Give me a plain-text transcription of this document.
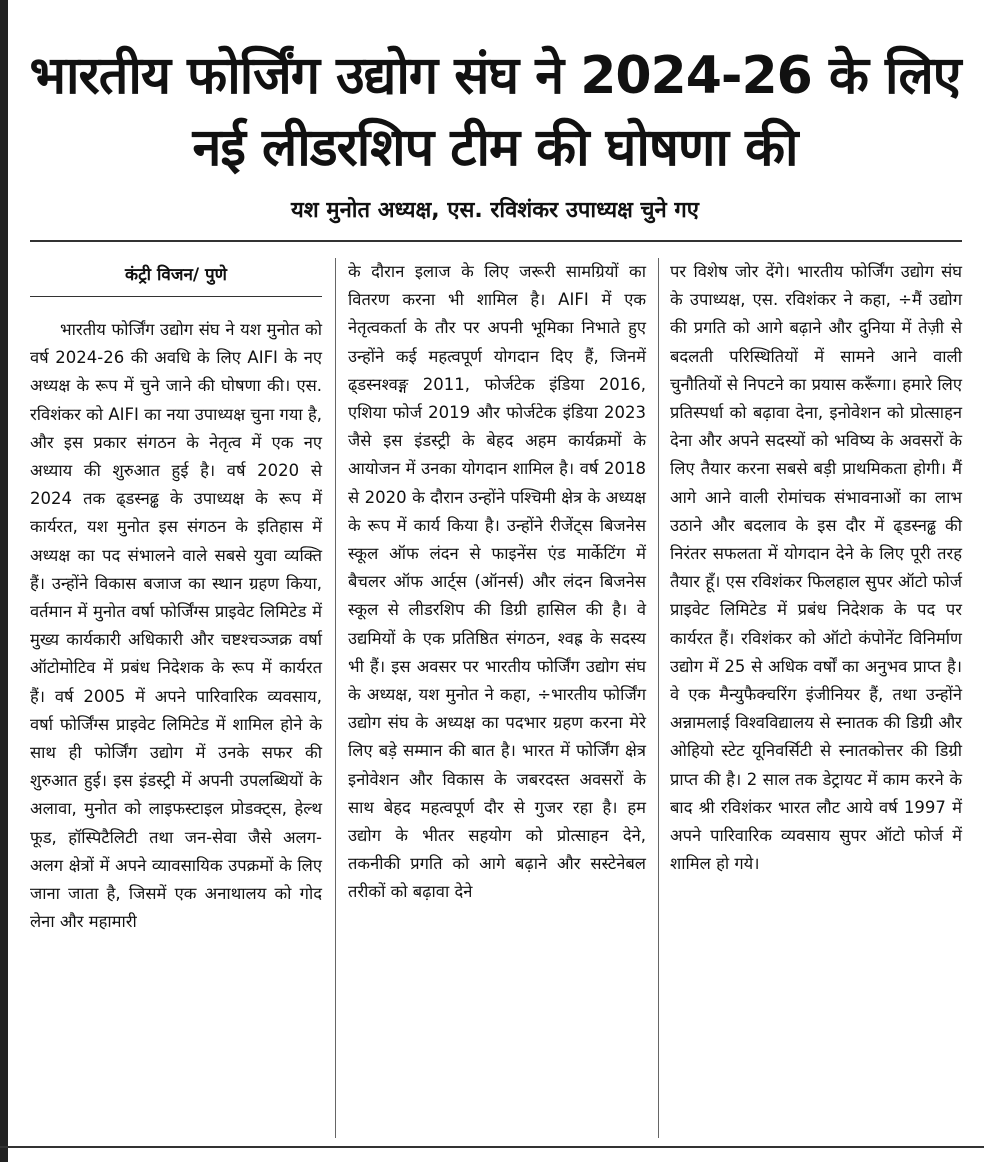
भारतीय फोर्जिंग उद्योग संघ ने 2024-26 के लिए नई लीडरशिप टीम की घोषणा की
यश मुनोत अध्यक्ष, एस. रविशंकर उपाध्यक्ष चुने गए
कंट्री विजन/ पुणे

भारतीय फोर्जिंग उद्योग संघ ने यश मुनोत को वर्ष 2024-26 की अवधि के लिए AIFI के नए अध्यक्ष के रूप में चुने जाने की घोषणा की। एस. रविशंकर को AIFI का नया उपाध्यक्ष चुना गया है, और इस प्रकार संगठन के नेतृत्व में एक नए अध्याय की शुरुआत हुई है। वर्ष 2020 से 2024 तक ढ्डस्नढ्ढ के उपाध्यक्ष के रूप में कार्यरत, यश मुनोत इस संगठन के इतिहास में अध्यक्ष का पद संभालने वाले सबसे युवा व्यक्ति हैं। उन्होंने विकास बजाज का स्थान ग्रहण किया, वर्तमान में मुनोत वर्षा फोर्जिंग्स प्राइवेट लिमिटेड में मुख्य कार्यकारी अधिकारी और चष्टश्चञ्जक्र वर्षा ऑटोमोटिव में प्रबंध निदेशक के रूप में कार्यरत हैं। वर्ष 2005 में अपने पारिवारिक व्यवसाय, वर्षा फोर्जिंग्स प्राइवेट लिमिटेड में शामिल होने के साथ ही फोर्जिंग उद्योग में उनके सफर की शुरुआत हुई। इस इंडस्ट्री में अपनी उपलब्धियों के अलावा, मुनोत को लाइफस्टाइल प्रोडक्ट्स, हेल्थ फूड, हॉस्पिटैलिटी तथा जन-सेवा जैसे अलग-अलग क्षेत्रों में अपने व्यावसायिक उपक्रमों के लिए जाना जाता है, जिसमें एक अनाथालय को गोद लेना और महामारी

के दौरान इलाज के लिए जरूरी सामग्रियों का वितरण करना भी शामिल है। AIFI में एक नेतृत्वकर्ता के तौर पर अपनी भूमिका निभाते हुए उन्होंने कई महत्वपूर्ण योगदान दिए हैं, जिनमें ढ्डस्नश्वङ्ग 2011, फोर्जटेक इंडिया 2016, एशिया फोर्ज 2019 और फोर्जटेक इंडिया 2023 जैसे इस इंडस्ट्री के बेहद अहम कार्यक्रमों के आयोजन में उनका योगदान शामिल है। वर्ष 2018 से 2020 के दौरान उन्होंने पश्चिमी क्षेत्र के अध्यक्ष के रूप में कार्य किया है। उन्होंने रीजेंट्स बिजनेस स्कूल ऑफ लंदन से फाइनेंस एंड मार्केटिंग में बैचलर ऑफ आर्ट्स (ऑनर्स) और लंदन बिजनेस स्कूल से लीडरशिप की डिग्री हासिल की है। वे उद्यमियों के एक प्रतिष्ठित संगठन, श्वह्र के सदस्य भी हैं। इस अवसर पर भारतीय फोर्जिंग उद्योग संघ के अध्यक्ष, यश मुनोत ने कहा, ÷भारतीय फोर्जिंग उद्योग संघ के अध्यक्ष का पदभार ग्रहण करना मेरे लिए बड़े सम्मान की बात है। भारत में फोर्जिंग क्षेत्र इनोवेशन और विकास के जबरदस्त अवसरों के साथ बेहद महत्वपूर्ण दौर से गुजर रहा है। हम उद्योग के भीतर सहयोग को प्रोत्साहन देने, तकनीकी प्रगति को आगे बढ़ाने और सस्टेनेबल तरीकों को बढ़ावा देने

पर विशेष जोर देंगे। भारतीय फोर्जिंग उद्योग संघ के उपाध्यक्ष, एस. रविशंकर ने कहा, ÷मैं उद्योग की प्रगति को आगे बढ़ाने और दुनिया में तेज़ी से बदलती परिस्थितियों में सामने आने वाली चुनौतियों से निपटने का प्रयास करूँगा। हमारे लिए प्रतिस्पर्धा को बढ़ावा देना, इनोवेशन को प्रोत्साहन देना और अपने सदस्यों को भविष्य के अवसरों के लिए तैयार करना सबसे बड़ी प्राथमिकता होगी। मैं आगे आने वाली रोमांचक संभावनाओं का लाभ उठाने और बदलाव के इस दौर में ढ्डस्नढ्ढ की निरंतर सफलता में योगदान देने के लिए पूरी तरह तैयार हूँ। एस रविशंकर फिलहाल सुपर ऑटो फोर्ज प्राइवेट लिमिटेड में प्रबंध निदेशक के पद पर कार्यरत हैं। रविशंकर को ऑटो कंपोनेंट विनिर्माण उद्योग में 25 से अधिक वर्षों का अनुभव प्राप्त है। वे एक मैन्युफैक्चरिंग इंजीनियर हैं, तथा उन्होंने अन्नामलाई विश्वविद्यालय से स्नातक की डिग्री और ओहियो स्टेट यूनिवर्सिटी से स्नातकोत्तर की डिग्री प्राप्त की है। 2 साल तक डेट्रायट में काम करने के बाद श्री रविशंकर भारत लौट आये वर्ष 1997 में अपने पारिवारिक व्यवसाय सुपर ऑटो फोर्ज में शामिल हो गये।
